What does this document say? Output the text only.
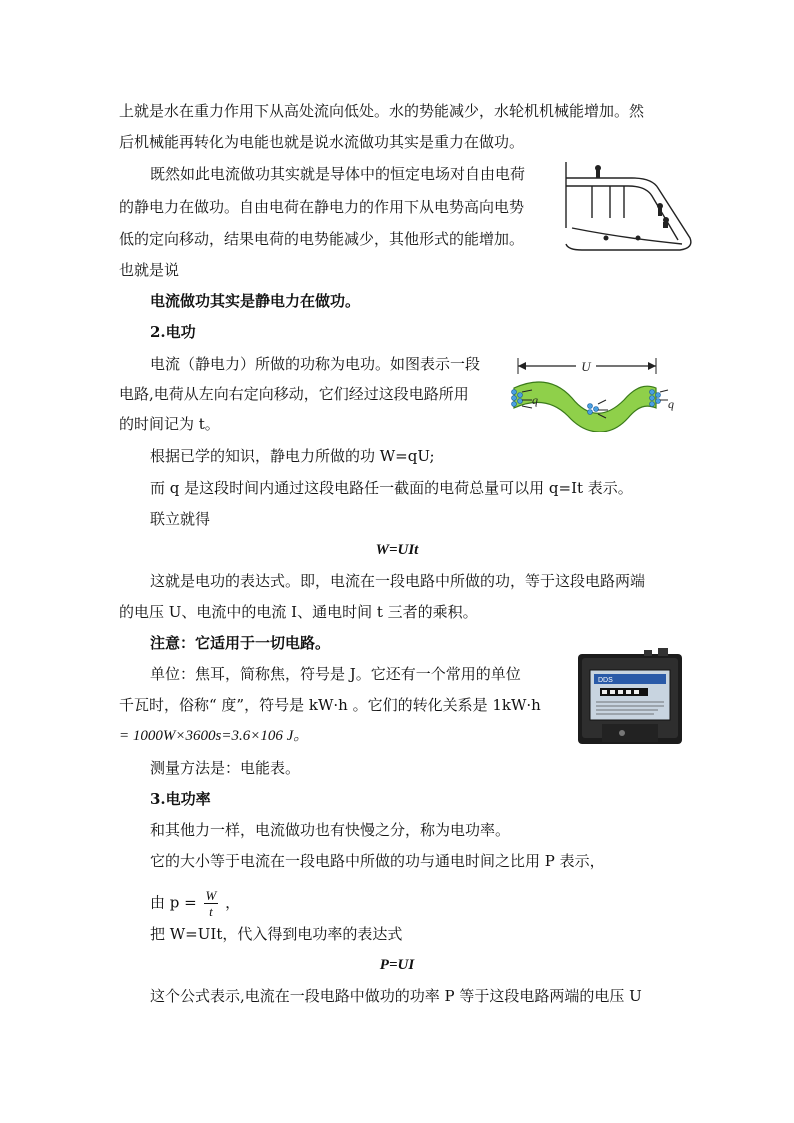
上就是水在重力作用下从高处流向低处。水的势能减少，水轮机机械能增加。然
后机械能再转化为电能也就是说水流做功其实是重力在做功。
既然如此电流做功其实就是导体中的恒定电场对自由电荷
的静电力在做功。自由电荷在静电力的作用下从电势高向电势
低的定向移动，结果电荷的电势能减少，其他形式的能增加。
也就是说
电流做功其实是静电力在做功。
2.电功
电流（静电力）所做的功称为电功。如图表示一段
电路,电荷从左向右定向移动，它们经过这段电路所用
的时间记为 t。
U
q	q
根据已学的知识，静电力所做的功 W=qU;
而 q 是这段时间内通过这段电路任一截面的电荷总量可以用 q=It 表示。
联立就得
W=UIt
这就是电功的表达式。即，电流在一段电路中所做的功，等于这段电路两端
的电压 U、电流中的电流 I、通电时间 t 三者的乘积。
注意：它适用于一切电路。
单位：焦耳，简称焦，符号是 J。它还有一个常用的单位
千瓦时，俗称“ 度”，符号是 kW·h 。它们的转化关系是 1kW·h
= 1000W×3600s=3.6×106 J。
DDS
测量方法是：电能表。
3.电功率
和其他力一样，电流做功也有快慢之分，称为电功率。
它的大小等于电流在一段电路中所做的功与通电时间之比用 P 表示，
由 $p = \frac{W}{t}$ ，
把 W=UIt，代入得到电功率的表达式
P=UI
这个公式表示,电流在一段电路中做功的功率 P 等于这段电路两端的电压 U
